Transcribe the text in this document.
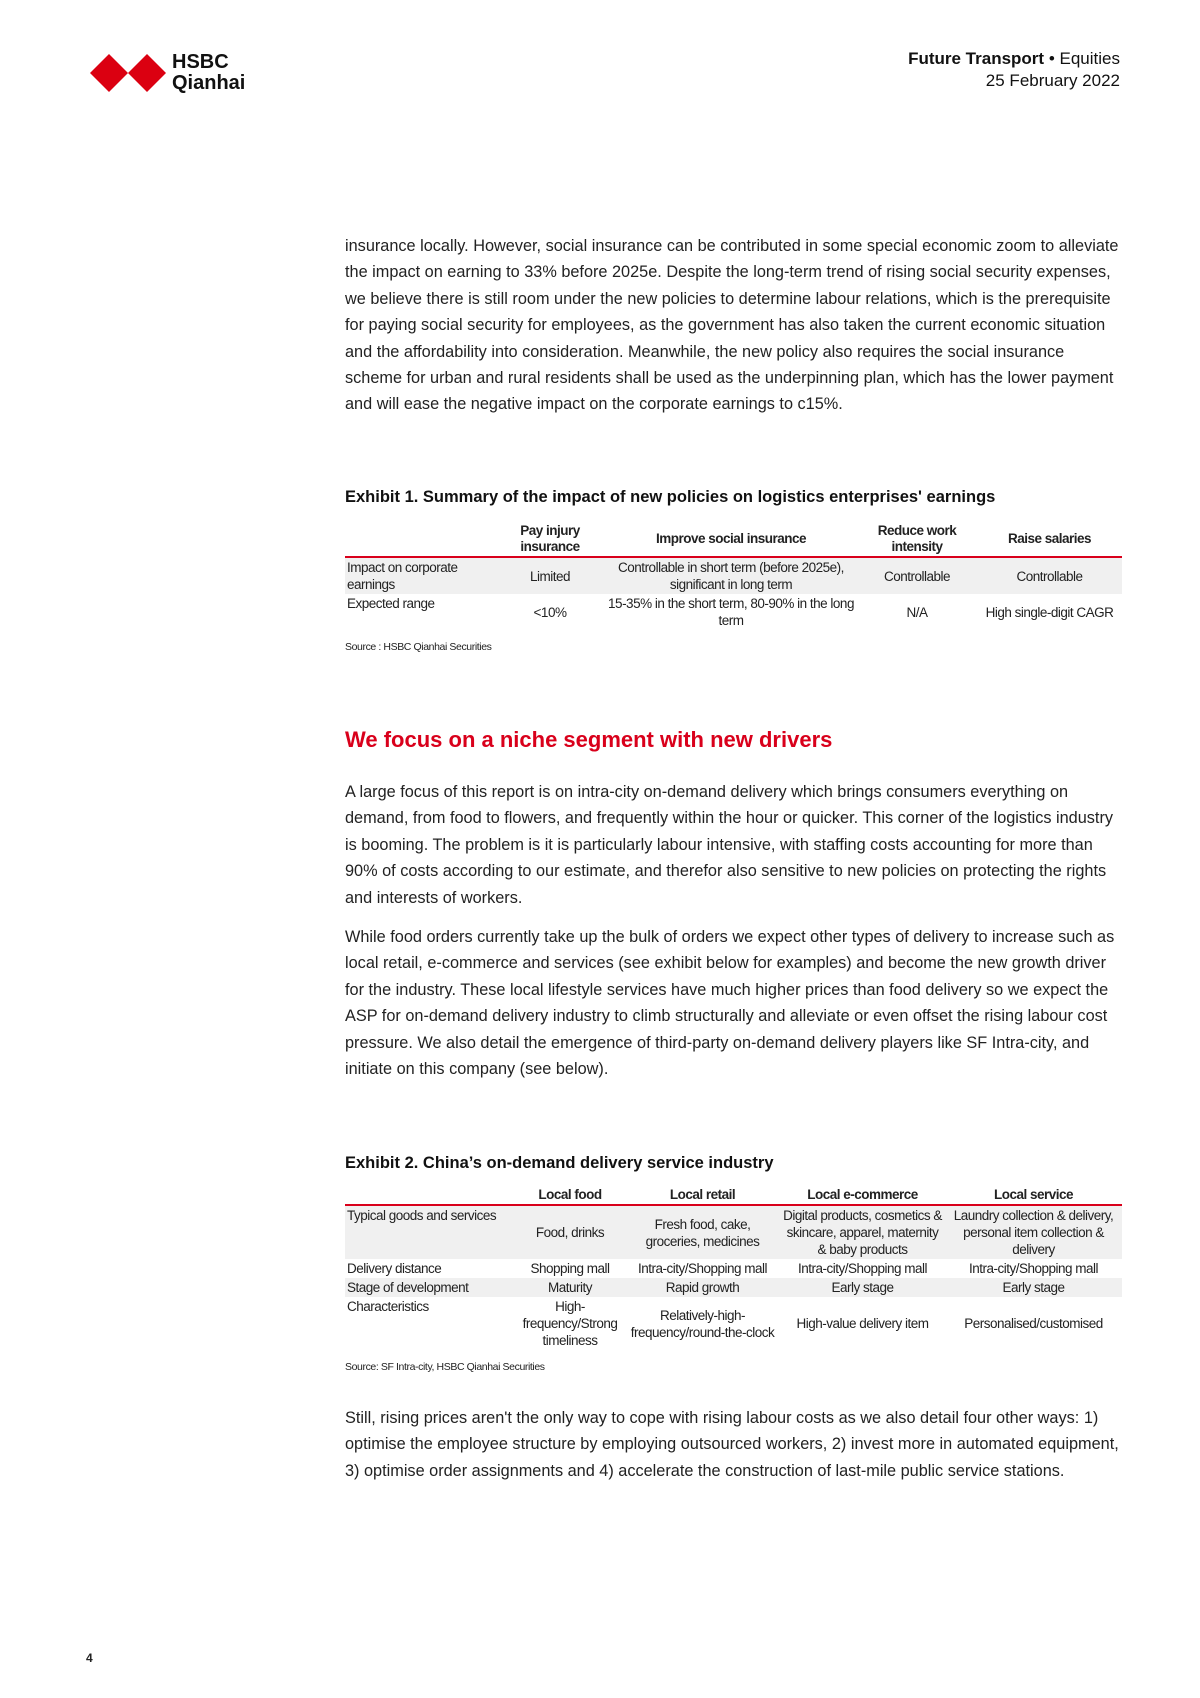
HSBC
Qianhai
Future Transport • Equities
25 February 2022

insurance locally. However, social insurance can be contributed in some special economic zoom to alleviate the impact on earning to 33% before 2025e. Despite the long-term trend of rising social security expenses, we believe there is still room under the new policies to determine labour relations, which is the prerequisite for paying social security for employees, as the government has also taken the current economic situation and the affordability into consideration. Meanwhile, the new policy also requires the social insurance scheme for urban and rural residents shall be used as the underpinning plan, which has the lower payment and will ease the negative impact on the corporate earnings to c15%.

Exhibit 1. Summary of the impact of new policies on logistics enterprises' earnings
	Pay injury insurance	Improve social insurance	Reduce work intensity	Raise salaries
Impact on corporate earnings	Limited	Controllable in short term (before 2025e), significant in long term	Controllable	Controllable
Expected range	<10%	15-35% in the short term, 80-90% in the long term	N/A	High single-digit CAGR
Source : HSBC Qianhai Securities
We focus on a niche segment with new drivers

A large focus of this report is on intra-city on-demand delivery which brings consumers everything on demand, from food to flowers, and frequently within the hour or quicker. This corner of the logistics industry is booming. The problem is it is particularly labour intensive, with staffing costs accounting for more than 90% of costs according to our estimate, and therefor also sensitive to new policies on protecting the rights and interests of workers.

While food orders currently take up the bulk of orders we expect other types of delivery to increase such as local retail, e-commerce and services (see exhibit below for examples) and become the new growth driver for the industry. These local lifestyle services have much higher prices than food delivery so we expect the ASP for on-demand delivery industry to climb structurally and alleviate or even offset the rising labour cost pressure. We also detail the emergence of third-party on-demand delivery players like SF Intra-city, and initiate on this company (see below).

Exhibit 2. China’s on-demand delivery service industry
	Local food	Local retail	Local e-commerce	Local service
Typical goods and services	Food, drinks	Fresh food, cake, groceries, medicines	Digital products, cosmetics & skincare, apparel, maternity & baby products	Laundry collection & delivery, personal item collection & delivery
Delivery distance	Shopping mall	Intra-city/Shopping mall	Intra-city/Shopping mall	Intra-city/Shopping mall
Stage of development	Maturity	Rapid growth	Early stage	Early stage
Characteristics	High-frequency/Strong timeliness	Relatively-high-frequency/round-the-clock	High-value delivery item	Personalised/customised
Source: SF Intra-city, HSBC Qianhai Securities

Still, rising prices aren't the only way to cope with rising labour costs as we also detail four other ways: 1) optimise the employee structure by employing outsourced workers, 2) invest more in automated equipment, 3) optimise order assignments and 4) accelerate the construction of last-mile public service stations.

4
